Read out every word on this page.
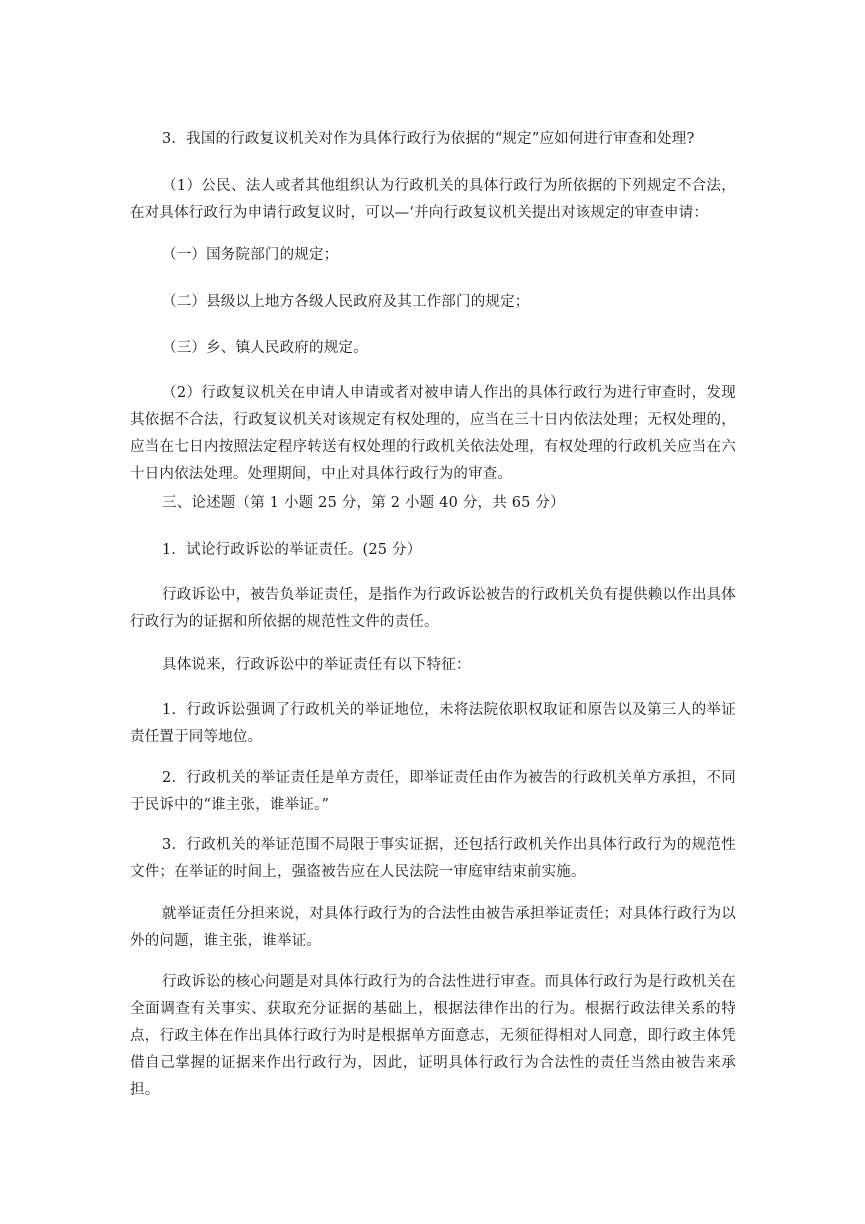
3．我国的行政复议机关对作为具体行政行为依据的“规定”应如何进行审查和处理?

（1）公民、法人或者其他组织认为行政机关的具体行政行为所依据的下列规定不合法，在对具体行政行为申请行政复议时，可以—‘并向行政复议机关提出对该规定的审查申请：

（一）国务院部门的规定；

（二）县级以上地方各级人民政府及其工作部门的规定；

（三）乡、镇人民政府的规定。

（2）行政复议机关在申请人申请或者对被申请人作出的具体行政行为进行审查时，发现其依据不合法，行政复议机关对该规定有权处理的，应当在三十日内依法处理；无权处理的，应当在七日内按照法定程序转送有权处理的行政机关依法处理，有权处理的行政机关应当在六十日内依法处理。处理期间，中止对具体行政行为的审查。

三、论述题（第 1 小题 25 分，第 2 小题 40 分，共 65 分）

1．试论行政诉讼的举证责任。(25 分）

行政诉讼中，被告负举证责任，是指作为行政诉讼被告的行政机关负有提供赖以作出具体行政行为的证据和所依据的规范性文件的责任。

具体说来，行政诉讼中的举证责任有以下特征：

1．行政诉讼强调了行政机关的举证地位，未将法院依职权取证和原告以及第三人的举证责任置于同等地位。

2．行政机关的举证责任是单方责任，即举证责任由作为被告的行政机关单方承担，不同于民诉中的“谁主张，谁举证。”

3．行政机关的举证范围不局限于事实证据，还包括行政机关作出具体行政行为的规范性文件；在举证的时间上，强盗被告应在人民法院一审庭审结束前实施。

就举证责任分担来说，对具体行政行为的合法性由被告承担举证责任；对具体行政行为以外的问题，谁主张，谁举证。

行政诉讼的核心问题是对具体行政行为的合法性进行审查。而具体行政行为是行政机关在全面调查有关事实、获取充分证据的基础上，根据法律作出的行为。根据行政法律关系的特点，行政主体在作出具体行政行为时是根据单方面意志，无须征得相对人同意，即行政主体凭借自己掌握的证据来作出行政行为，因此，证明具体行政行为合法性的责任当然由被告来承担。
